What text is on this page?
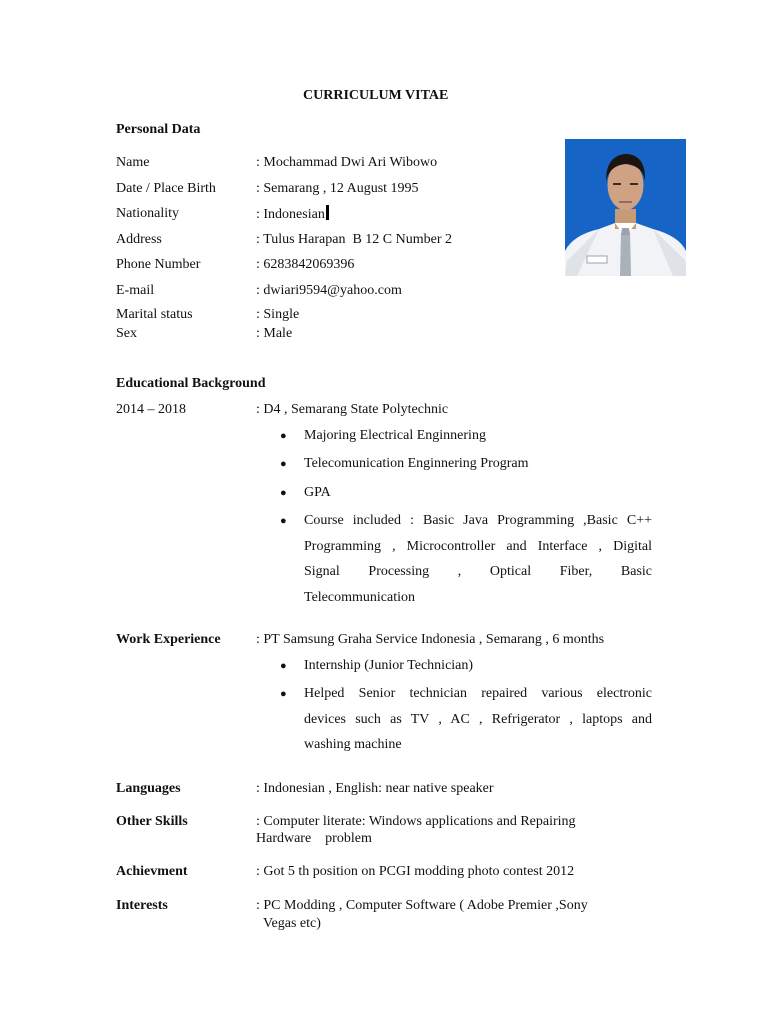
CURRICULUM VITAE
Personal Data
Name	: Mochammad Dwi Ari Wibowo
Date / Place Birth	: Semarang , 12 August 1995
Nationality	: Indonesian
Address	: Tulus Harapan  B 12 C Number 2
Phone Number	: 6283842069396
E-mail	: dwiari9594@yahoo.com
Marital status	: Single
Sex	: Male
Educational Background
2014 – 2018	: D4 , Semarang State Polytechnic
● Majoring Electrical Enginnering
● Telecomunication Enginnering Program
● GPA
● Course included : Basic Java Programming ,Basic C++
Programming , Microcontroller and Interface , Digital
Signal Processing , Optical Fiber, Basic
Telecommunication
Work Experience	: PT Samsung Graha Service Indonesia , Semarang , 6 months
● Internship (Junior Technician)
● Helped Senior technician repaired various electronic
devices such as TV , AC , Refrigerator , laptops and
washing machine
Languages	: Indonesian , English: near native speaker
Other Skills	: Computer literate: Windows applications and Repairing
Hardware    problem
Achievment	: Got 5 th position on PCGI modding photo contest 2012
Interests	: PC Modding , Computer Software ( Adobe Premier ,Sony
Vegas etc)
